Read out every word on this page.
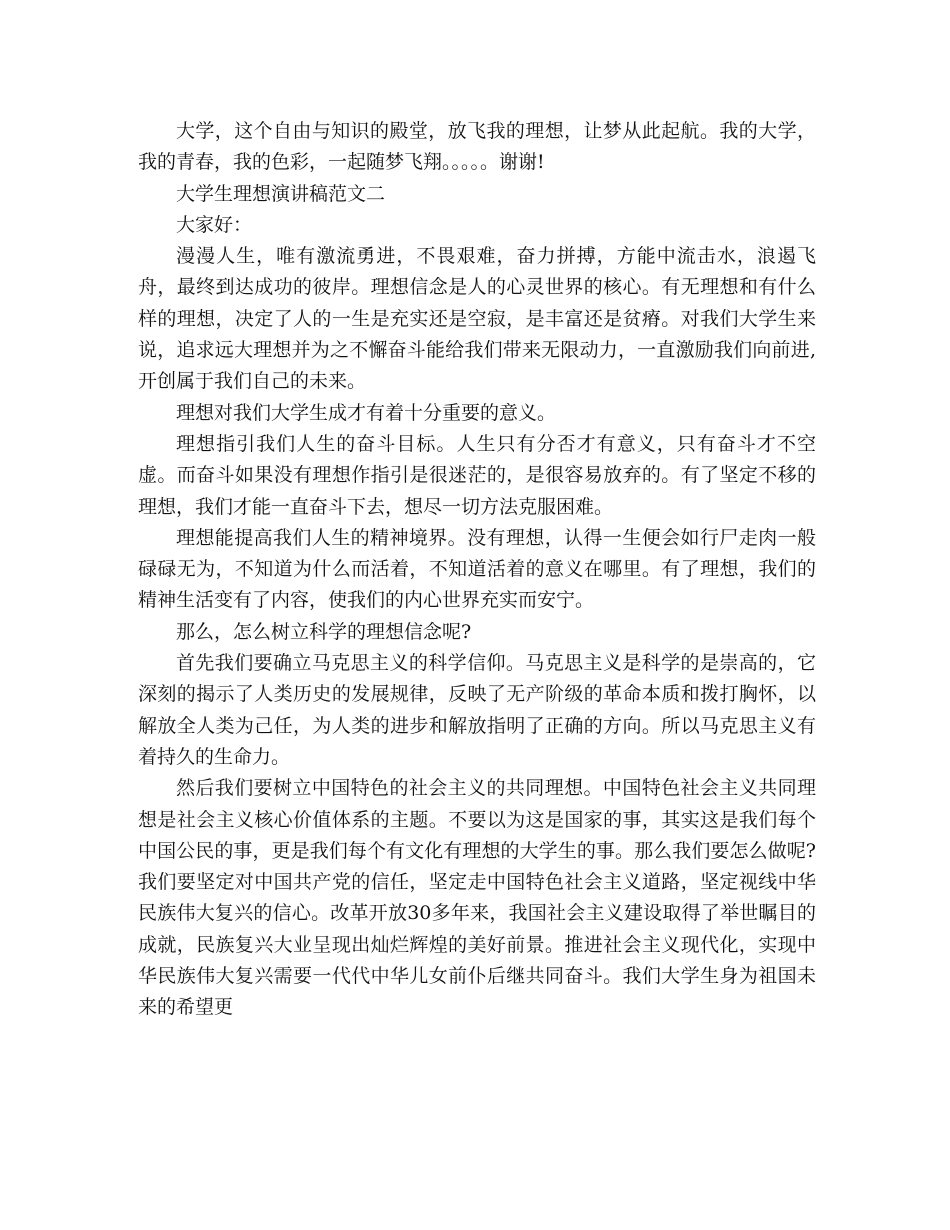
大学，这个自由与知识的殿堂，放飞我的理想，让梦从此起航。我的大学，我的青春，我的色彩，一起随梦飞翔。。。。。谢谢!

大学生理想演讲稿范文二

大家好：

漫漫人生，唯有激流勇进，不畏艰难，奋力拼搏，方能中流击水，浪遏飞舟，最终到达成功的彼岸。理想信念是人的心灵世界的核心。有无理想和有什么样的理想，决定了人的一生是充实还是空寂，是丰富还是贫瘠。对我们大学生来说，追求远大理想并为之不懈奋斗能给我们带来无限动力，一直激励我们向前进,开创属于我们自己的未来。

理想对我们大学生成才有着十分重要的意义。

理想指引我们人生的奋斗目标。人生只有分否才有意义，只有奋斗才不空虚。而奋斗如果没有理想作指引是很迷茫的，是很容易放弃的。有了坚定不移的理想，我们才能一直奋斗下去，想尽一切方法克服困难。

理想能提高我们人生的精神境界。没有理想，认得一生便会如行尸走肉一般碌碌无为，不知道为什么而活着，不知道活着的意义在哪里。有了理想，我们的精神生活变有了内容，使我们的内心世界充实而安宁。

那么，怎么树立科学的理想信念呢?

首先我们要确立马克思主义的科学信仰。马克思主义是科学的是崇高的，它深刻的揭示了人类历史的发展规律，反映了无产阶级的革命本质和拨打胸怀，以解放全人类为己任，为人类的进步和解放指明了正确的方向。所以马克思主义有着持久的生命力。

然后我们要树立中国特色的社会主义的共同理想。中国特色社会主义共同理想是社会主义核心价值体系的主题。不要以为这是国家的事，其实这是我们每个中国公民的事，更是我们每个有文化有理想的大学生的事。那么我们要怎么做呢?我们要坚定对中国共产党的信任，坚定走中国特色社会主义道路，坚定视线中华民族伟大复兴的信心。改革开放30多年来，我国社会主义建设取得了举世瞩目的成就，民族复兴大业呈现出灿烂辉煌的美好前景。推进社会主义现代化，实现中华民族伟大复兴需要一代代中华儿女前仆后继共同奋斗。我们大学生身为祖国未来的希望更
